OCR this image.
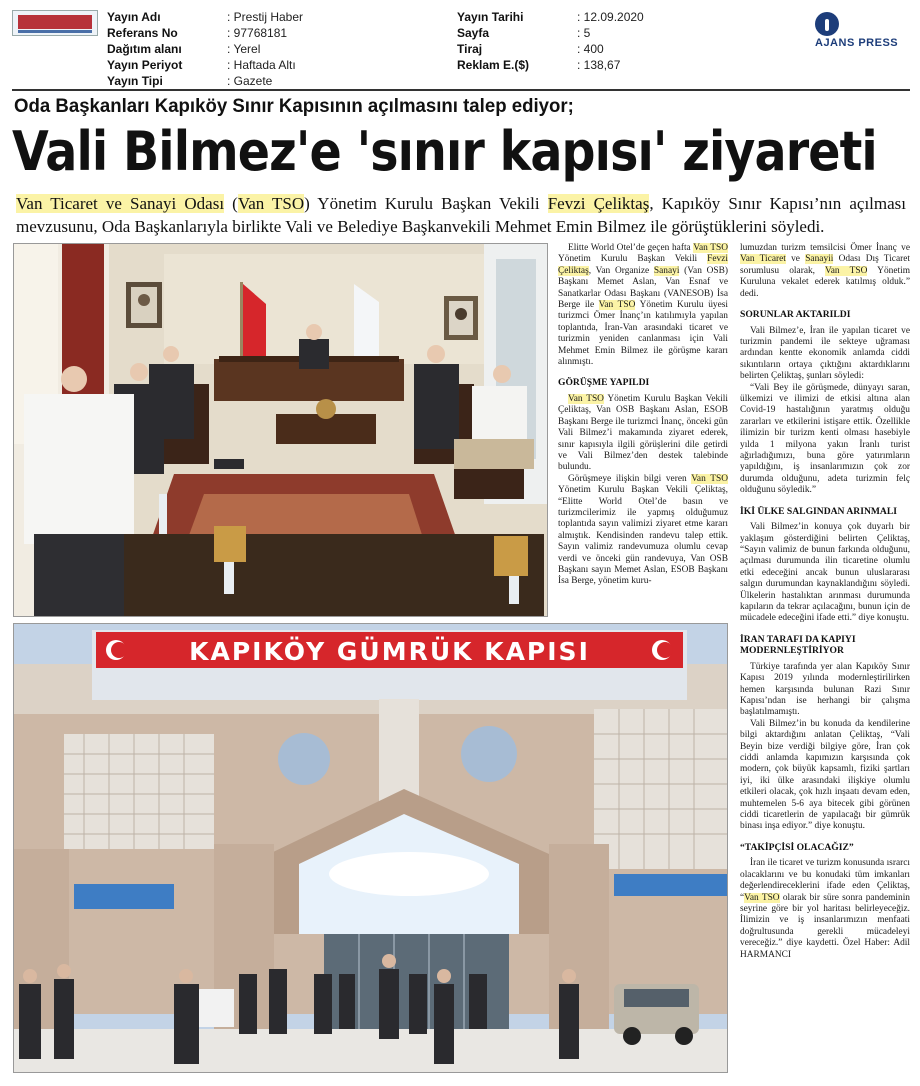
Yayın Adı	: Prestij Haber
Referans No	: 97768181
Dağıtım alanı	: Yerel
Yayın Periyot	: Haftada Altı
Yayın Tipi	: Gazete
Yayın Tarihi	: 12.09.2020
Sayfa	: 5
Tiraj	: 400
Reklam E.($)	: 138,67
AJANS PRESS
Oda Başkanları Kapıköy Sınır Kapısının açılmasını talep ediyor;
Vali Bilmez'e 'sınır kapısı' ziyareti
Van Ticaret ve Sanayi Odası (Van TSO) Yönetim Kurulu Başkan Vekili Fevzi Çeliktaş, Kapıköy Sınır Kapısı’nın açılması mevzusunu, Oda Başkanlarıyla birlikte Vali ve Belediye Başkanvekili Mehmet Emin Bilmez ile görüştüklerini söyledi.
KAPIKÖY GÜMRÜK KAPISI

Elitte World Otel’de geçen hafta Van TSO Yönetim Kurulu Başkan Vekili Fevzi Çeliktaş, Van Organize Sanayi (Van OSB) Başkanı Memet Aslan, Van Esnaf ve Sanatkarlar Odası Başkanı (VANESOB) İsa Berge ile Van TSO Yönetim Kurulu üyesi turizmci Ömer İnanç’ın katılımıyla yapılan toplantıda, İran-Van arasındaki ticaret ve turizmin yeniden canlanması için Vali Mehmet Emin Bilmez ile görüşme kararı alınmıştı.

GÖRÜŞME YAPILDI

Van TSO Yönetim Kurulu Başkan Vekili Çeliktaş, Van OSB Başkanı Aslan, ESOB Başkanı Berge ile turizmci İnanç, önceki gün Vali Bilmez’i makamında ziyaret ederek, sınır kapısıyla ilgili görüşlerini dile getirdi ve Vali Bilmez’den destek talebinde bulundu.

Görüşmeye ilişkin bilgi veren Van TSO Yönetim Kurulu Başkan Vekili Çeliktaş, “Elitte World Otel’de basın ve turizmcilerimiz ile yapmış olduğumuz toplantıda sayın valimizi ziyaret etme kararı almıştık. Kendisinden randevu talep ettik. Sayın valimiz randevumuza olumlu cevap verdi ve önceki gün randevuya, Van OSB Başkanı sayın Memet Aslan, ESOB Başkanı İsa Berge, yönetim kuru-

lumuzdan turizm temsilcisi Ömer İnanç ve Van Ticaret ve Sanayii Odası Dış Ticaret sorumlusu olarak, Van TSO Yönetim Kuruluna vekalet ederek katılmış olduk.” dedi.

SORUNLAR AKTARILDI

Vali Bilmez’e, İran ile yapılan ticaret ve turizmin pandemi ile sekteye uğraması ardından kentte ekonomik anlamda ciddi sıkıntıların ortaya çıktığını aktardıklarını belirten Çeliktaş, şunları söyledi:

“Vali Bey ile görüşmede, dünyayı saran, ülkemizi ve ilimizi de etkisi altına alan Covid-19 hastalığının yaratmış olduğu zararları ve etkilerini istişare ettik. Özellikle ilimizin bir turizm kenti olması hasebiyle yılda 1 milyona yakın İranlı turist ağırladığımızı, buna göre yatırımların yapıldığını, iş insanlarımızın çok zor durumda olduğunu, adeta turizmin felç olduğunu söyledik.”

İKİ ÜLKE SALGINDAN ARINMALI

Vali Bilmez’in konuya çok duyarlı bir yaklaşım gösterdiğini belirten Çeliktaş, “Sayın valimiz de bunun farkında olduğunu, açılması durumunda ilin ticaretine olumlu etki edeceğini ancak bunun uluslararası salgın durumundan kaynaklandığını söyledi. Ülkelerin hastalıktan arınması durumunda kapıların da tekrar açılacağını, bunun için de mücadele edeceğini ifade etti.” diye konuştu.

İRAN TARAFI DA KAPIYI MODERNLEŞTİRİYOR

Türkiye tarafında yer alan Kapıköy Sınır Kapısı 2019 yılında modernleştirilirken hemen karşısında bulunan Razi Sınır Kapısı’ndan ise herhangi bir çalışma başlatılmamıştı.

Vali Bilmez’in bu konuda da kendilerine bilgi aktardığını anlatan Çeliktaş, “Vali Beyin bize verdiği bilgiye göre, İran çok ciddi anlamda kapımızın karşısında çok modern, çok büyük kapsamlı, fiziki şartları iyi, iki ülke arasındaki ilişkiye olumlu etkileri olacak, çok hızlı inşaatı devam eden, muhtemelen 5-6 aya bitecek gibi görünen ciddi ticaretlerin de yapılacağı bir gümrük binası inşa ediyor.” diye konuştu.

“TAKİPÇİSİ OLACAĞIZ”

İran ile ticaret ve turizm konusunda ısrarcı olacaklarını ve bu konudaki tüm imkanları değerlendireceklerini ifade eden Çeliktaş, “Van TSO olarak bir süre sonra pandeminin seyrine göre bir yol haritası belirleyeceğiz. İlimizin ve iş insanlarımızın menfaati doğrultusunda gerekli mücadeleyi vereceğiz.” diye kaydetti. Özel Haber: Adil HARMANCI
